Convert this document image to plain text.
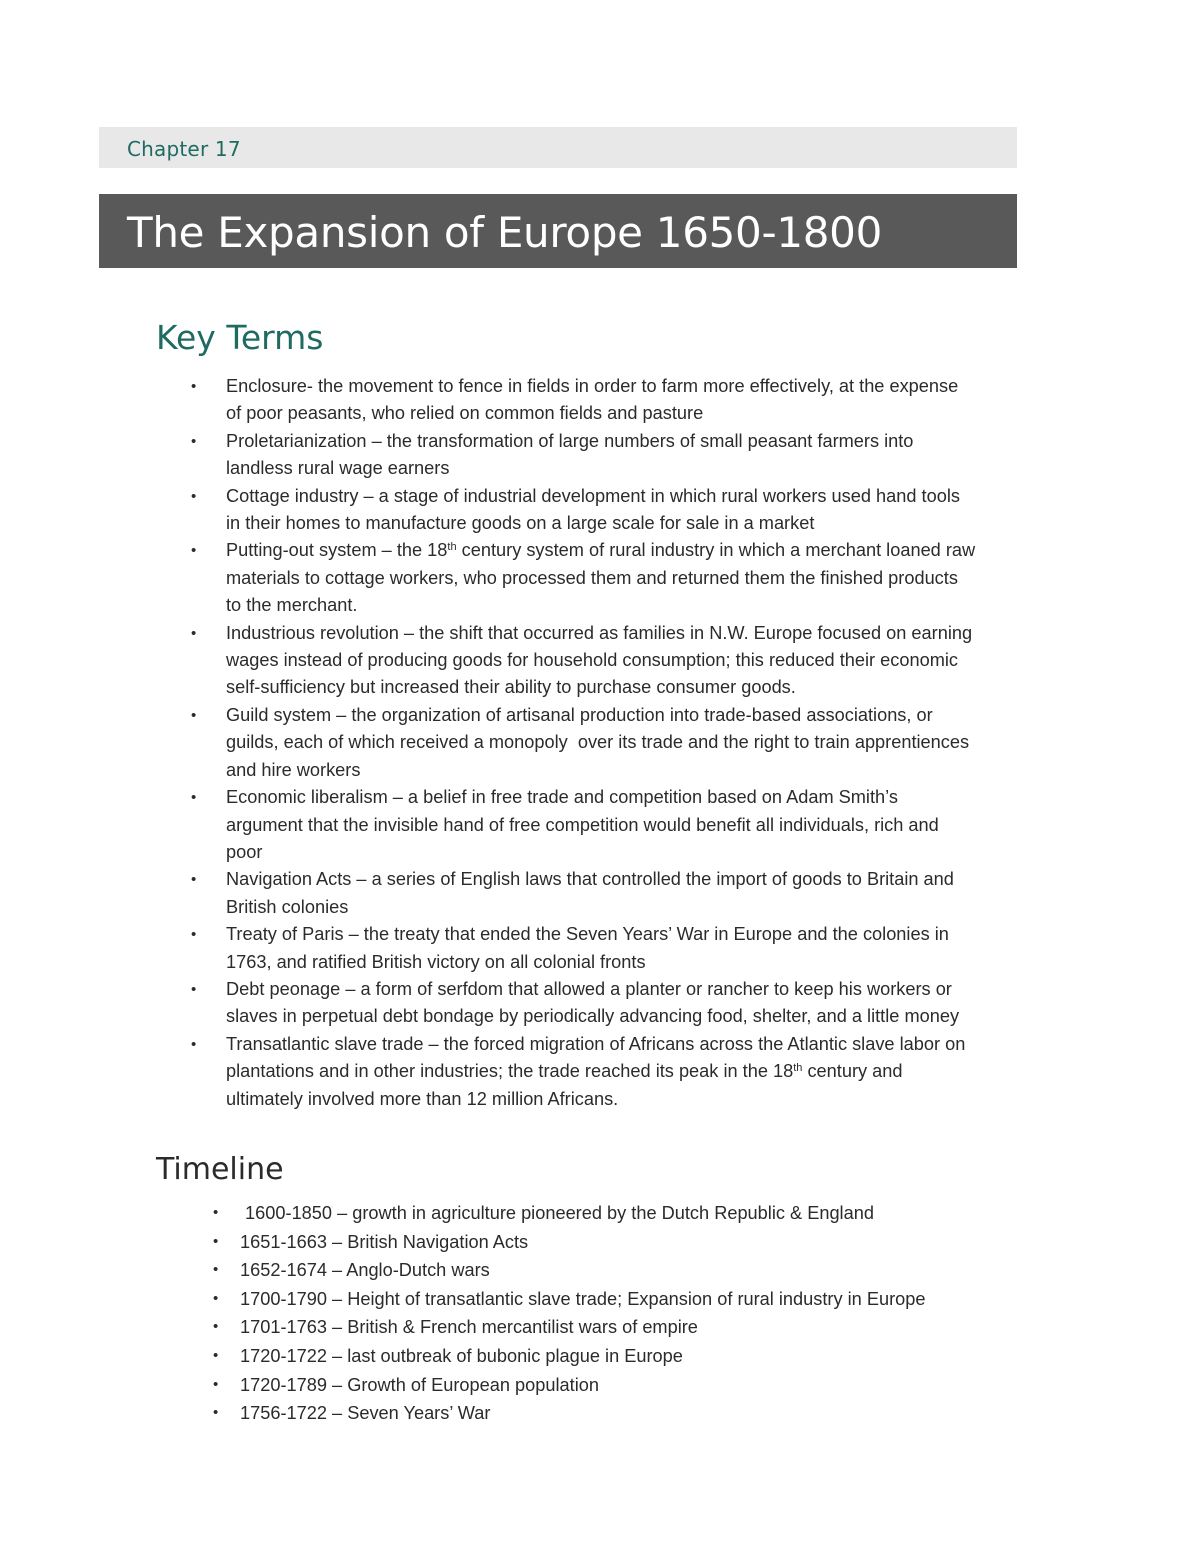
Chapter 17
The Expansion of Europe 1650-1800
Key Terms
• Enclosure- the movement to fence in fields in order to farm more effectively, at the expense
of poor peasants, who relied on common fields and pasture
• Proletarianization – the transformation of large numbers of small peasant farmers into
landless rural wage earners
• Cottage industry – a stage of industrial development in which rural workers used hand tools
in their homes to manufacture goods on a large scale for sale in a market
• Putting-out system – the 18th century system of rural industry in which a merchant loaned raw
materials to cottage workers, who processed them and returned them the finished products
to the merchant.
• Industrious revolution – the shift that occurred as families in N.W. Europe focused on earning
wages instead of producing goods for household consumption; this reduced their economic
self-sufficiency but increased their ability to purchase consumer goods.
• Guild system – the organization of artisanal production into trade-based associations, or
guilds, each of which received a monopoly  over its trade and the right to train apprentiences
and hire workers
• Economic liberalism – a belief in free trade and competition based on Adam Smith’s
argument that the invisible hand of free competition would benefit all individuals, rich and
poor
• Navigation Acts – a series of English laws that controlled the import of goods to Britain and
British colonies
• Treaty of Paris – the treaty that ended the Seven Years’ War in Europe and the colonies in
1763, and ratified British victory on all colonial fronts
• Debt peonage – a form of serfdom that allowed a planter or rancher to keep his workers or
slaves in perpetual debt bondage by periodically advancing food, shelter, and a little money
• Transatlantic slave trade – the forced migration of Africans across the Atlantic slave labor on
plantations and in other industries; the trade reached its peak in the 18th century and
ultimately involved more than 12 million Africans.
Timeline
• 1600-1850 – growth in agriculture pioneered by the Dutch Republic & England
• 1651-1663 – British Navigation Acts
• 1652-1674 – Anglo-Dutch wars
• 1700-1790 – Height of transatlantic slave trade; Expansion of rural industry in Europe
• 1701-1763 – British & French mercantilist wars of empire
• 1720-1722 – last outbreak of bubonic plague in Europe
• 1720-1789 – Growth of European population
• 1756-1722 – Seven Years’ War
